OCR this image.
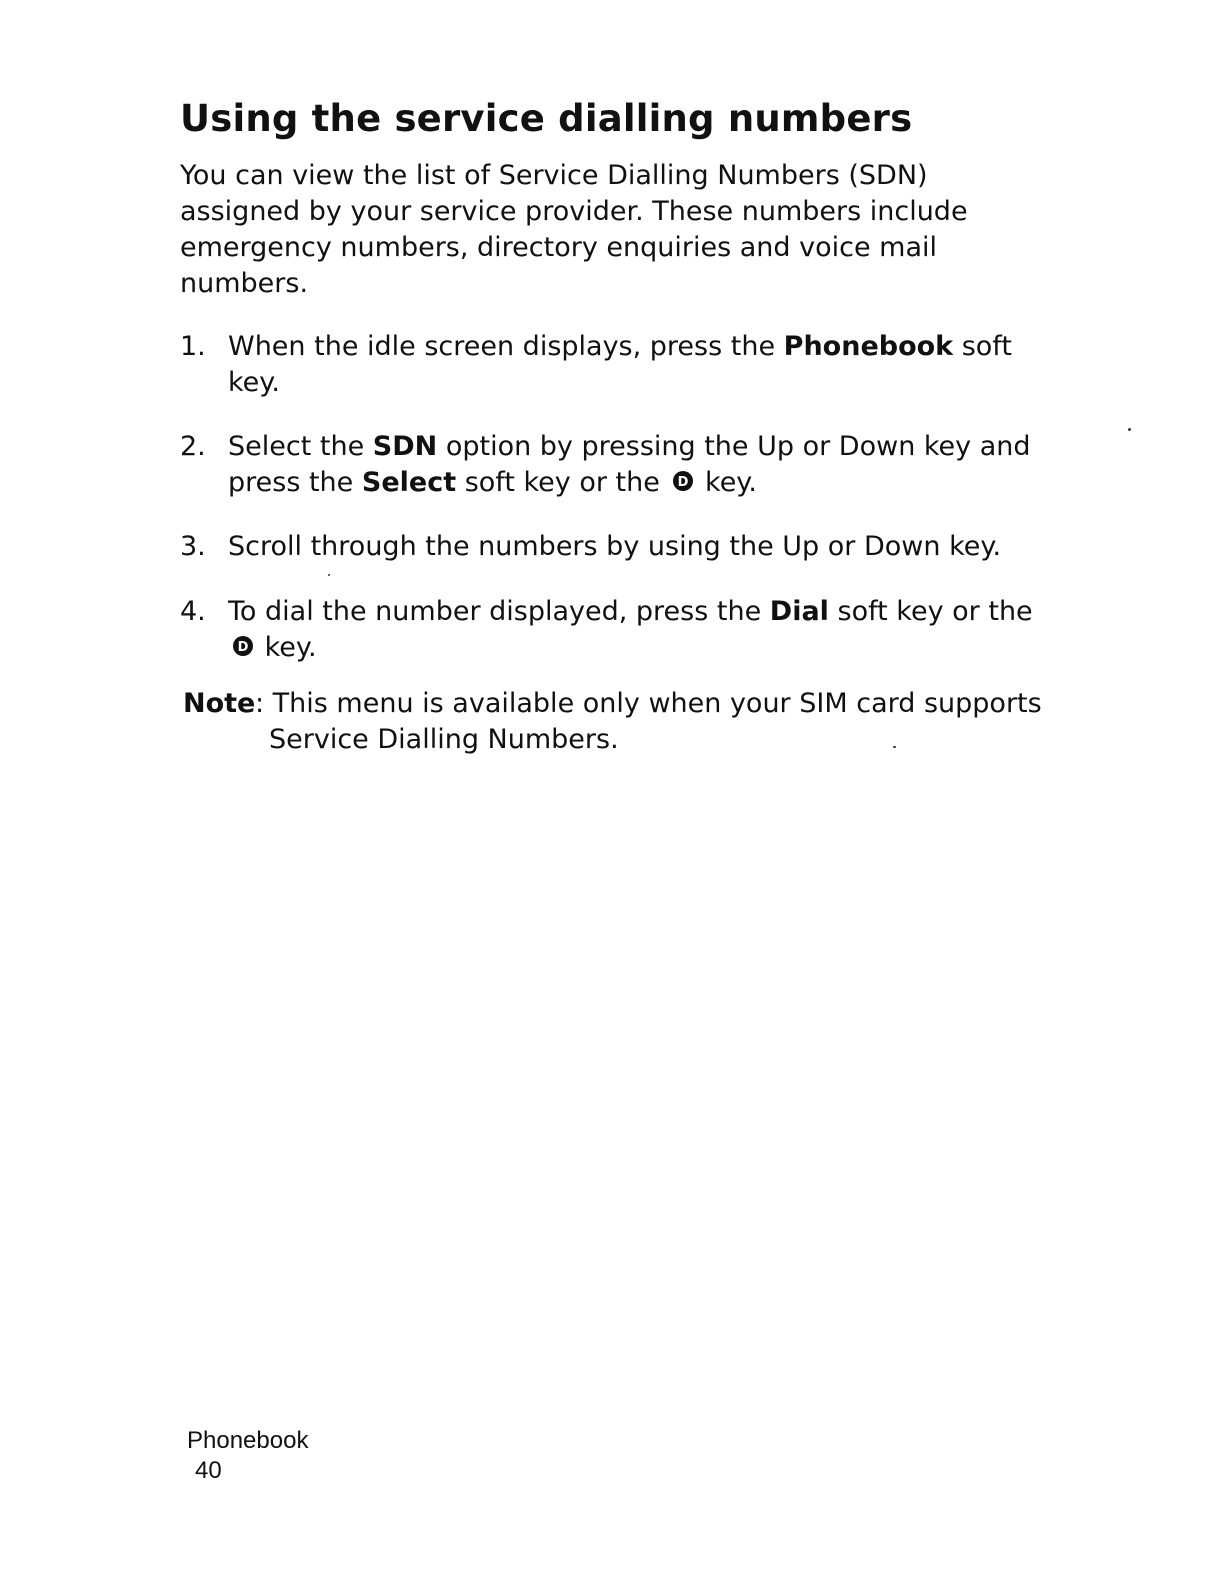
Using the service dialling numbers

You can view the list of Service Dialling Numbers (SDN) assigned by your service provider. These numbers include emergency numbers, directory enquiries and voice mail numbers.

1. When the idle screen displays, press the Phonebook soft key.
2. Select the SDN option by pressing the Up or Down key and press the Select soft key or the D key.
3. Scroll through the numbers by using the Up or Down key.
4. To dial the number displayed, press the Dial soft key or the
D key.
Note : This menu is available only when your SIM card supports
Service Dialling Numbers.
Phonebook
40
